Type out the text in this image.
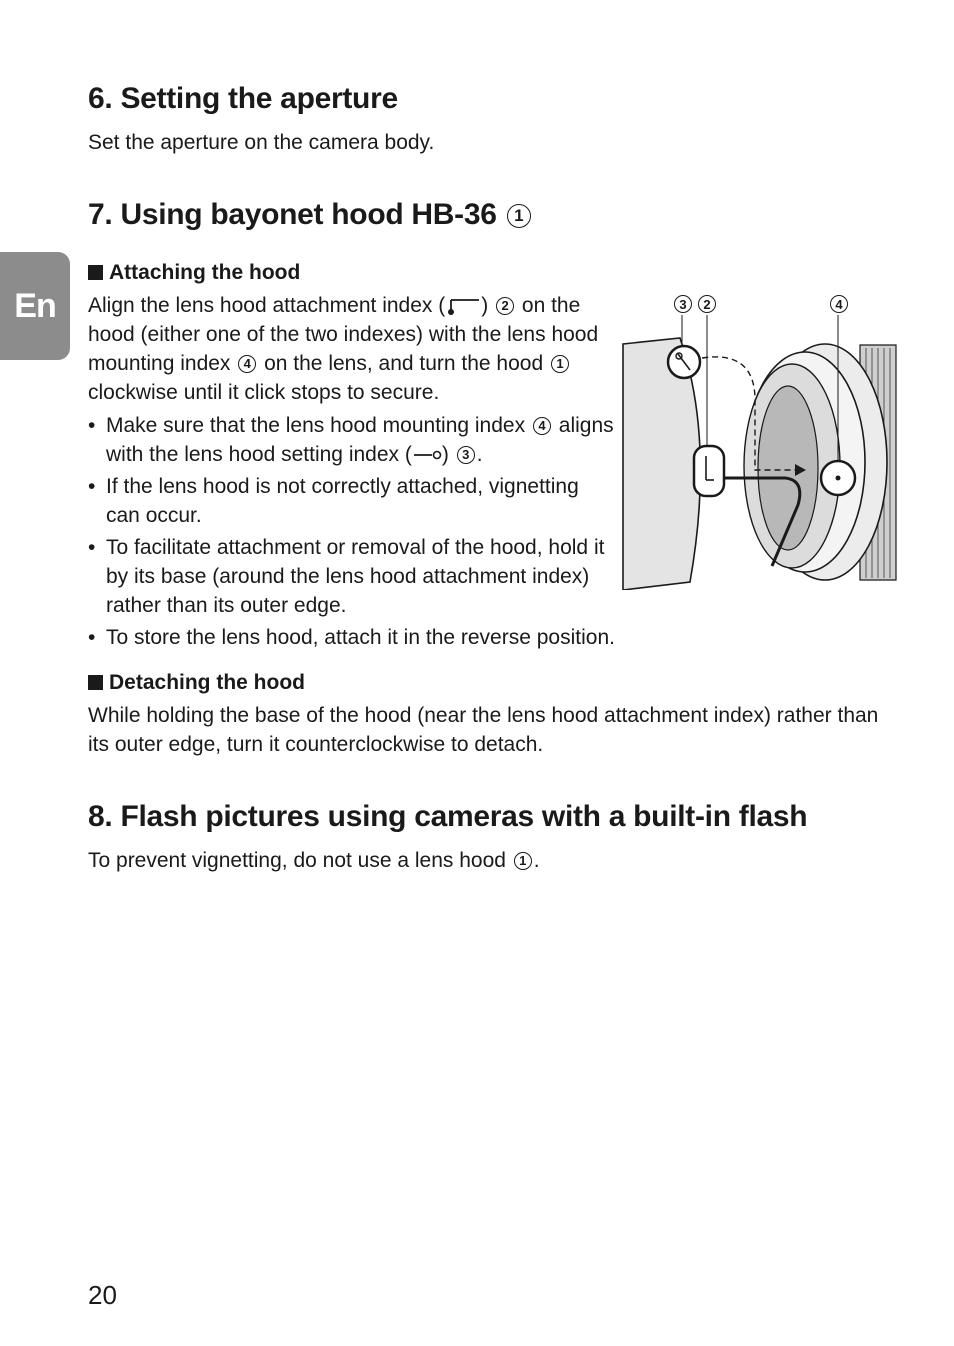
En
6. Setting the aperture

Set the aperture on the camera body.

7. Using bayonet hood HB-36 1

Attaching the hood

Align the lens hood attachment index ( ) 2 on the hood (either one of the two indexes) with the lens hood mounting index 4 on the lens, and turn the hood 1 clockwise until it click stops to secure.

• Make sure that the lens hood mounting index 4 aligns with the lens hood setting index ( ) 3 .
• If the lens hood is not correctly attached, vignetting can occur.
• To facilitate attachment or removal of the hood, hold it by its base (around the lens hood attachment index) rather than its outer edge.
• To store the lens hood, attach it in the reverse position.

Detaching the hood

While holding the base of the hood (near the lens hood attachment index) rather than its outer edge, turn it counterclockwise to detach.

8. Flash pictures using cameras with a built-in flash

To prevent vignetting, do not use a lens hood 1 .

3	2	4
20
